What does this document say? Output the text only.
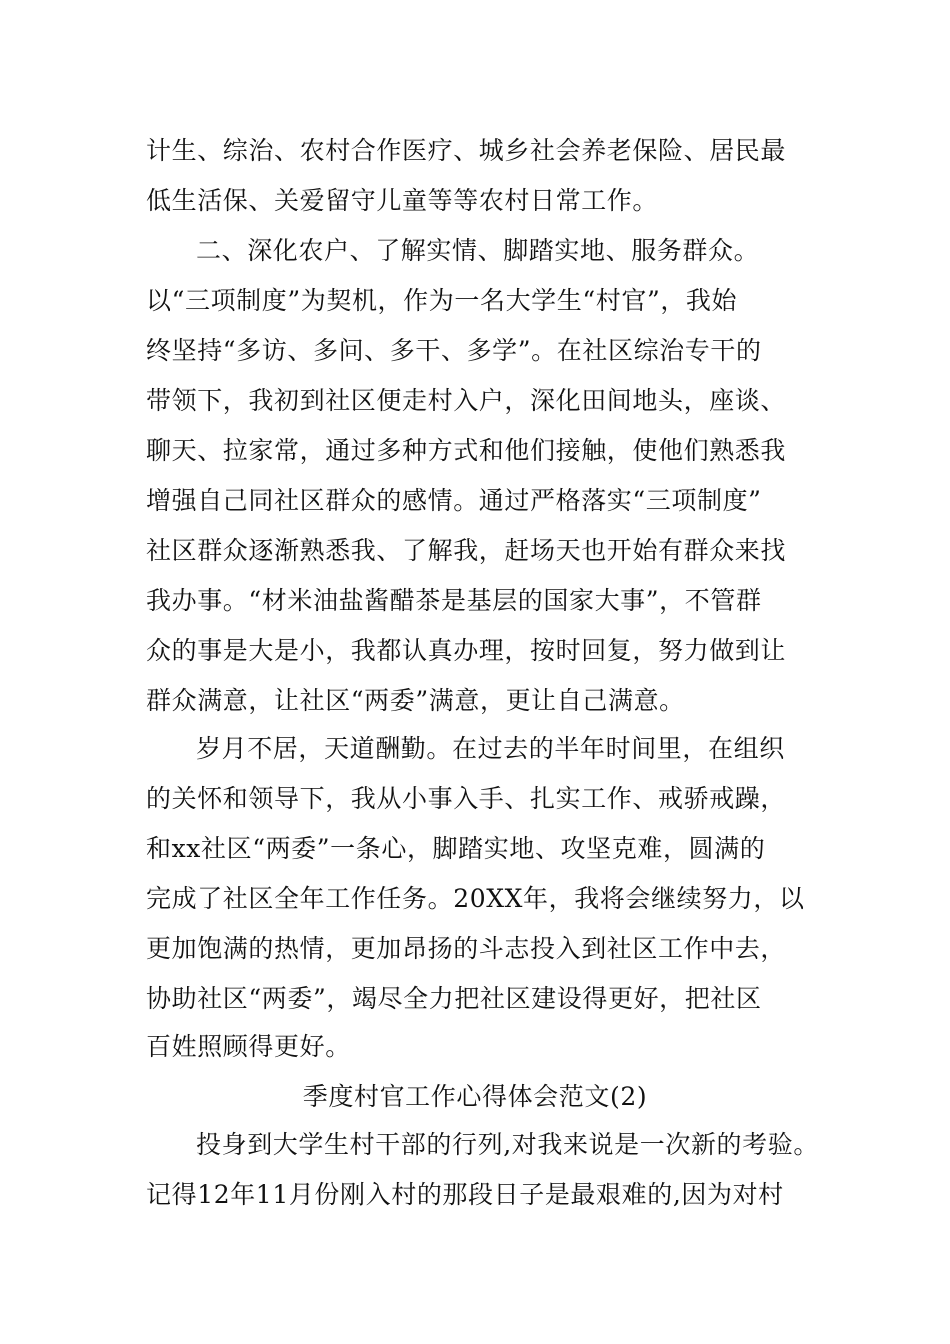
计生、综治、农村合作医疗、城乡社会养老保险、居民最
低生活保、关爱留守儿童等等农村日常工作。
二、深化农户、了解实情、脚踏实地、服务群众。
以“三项制度”为契机，作为一名大学生“村官”，我始
终坚持“多访、多问、多干、多学”。在社区综治专干的
带领下，我初到社区便走村入户，深化田间地头，座谈、
聊天、拉家常，通过多种方式和他们接触，使他们熟悉我
增强自己同社区群众的感情。通过严格落实“三项制度”
社区群众逐渐熟悉我、了解我，赶场天也开始有群众来找
我办事。“材米油盐酱醋茶是基层的国家大事”，不管群
众的事是大是小，我都认真办理，按时回复，努力做到让
群众满意，让社区“两委”满意，更让自己满意。
岁月不居，天道酬勤。在过去的半年时间里，在组织
的关怀和领导下，我从小事入手、扎实工作、戒骄戒躁，
和xx社区“两委”一条心，脚踏实地、攻坚克难，圆满的
完成了社区全年工作任务。20XX年，我将会继续努力，以
更加饱满的热情，更加昂扬的斗志投入到社区工作中去，
协助社区“两委”，竭尽全力把社区建设得更好，把社区
百姓照顾得更好。
季度村官工作心得体会范文(2)
投身到大学生村干部的行列,对我来说是一次新的考验。
记得12年11月份刚入村的那段日子是最艰难的,因为对村
